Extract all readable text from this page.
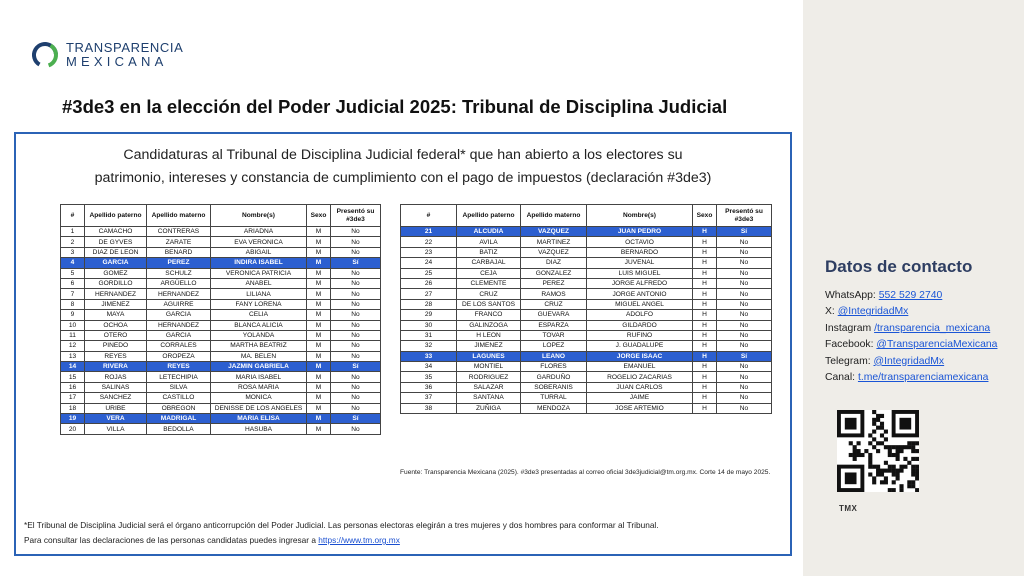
TRANSPARENCIA
MEXICANA
#3de3 en la elección del Poder Judicial 2025: Tribunal de Disciplina Judicial
Candidaturas al Tribunal de Disciplina Judicial federal* que han abierto a los electores su
patrimonio, intereses y constancia de cumplimiento con el pago de impuestos (declaración #3de3)
#	Apellido paterno	Apellido materno	Nombre(s)	Sexo	Presentó su #3de3
1	CAMACHO	CONTRERAS	ARIADNA	M	No
2	DE GYVES	ZARATE	EVA VERONICA	M	No
3	DIAZ DE LEON	BENARD	ABIGAIL	M	No
4	GARCIA	PEREZ	INDIRA ISABEL	M	Sí
5	GOMEZ	SCHULZ	VERONICA PATRICIA	M	No
6	GORDILLO	ARGÜELLO	ANABEL	M	No
7	HERNANDEZ	HERNANDEZ	LILIANA	M	No
8	JIMENEZ	AGUIRRE	FANY LORENA	M	No
9	MAYA	GARCIA	CELIA	M	No
10	OCHOA	HERNANDEZ	BLANCA ALICIA	M	No
11	OTERO	GARCIA	YOLANDA	M	No
12	PINEDO	CORRALES	MARTHA BEATRIZ	M	No
13	REYES	OROPEZA	MA. BELEN	M	No
14	RIVERA	REYES	JAZMIN GABRIELA	M	Sí
15	ROJAS	LETECHIPIA	MARIA ISABEL	M	No
16	SALINAS	SILVA	ROSA MARIA	M	No
17	SANCHEZ	CASTILLO	MONICA	M	No
18	URIBE	OBREGON	DENISSE DE LOS ANGELES	M	No
19	VERA	MADRIGAL	MARIA ELISA	M	Sí
20	VILLA	BEDOLLA	HASUBA	M	No
#	Apellido paterno	Apellido materno	Nombre(s)	Sexo	Presentó su #3de3
21	ALCUDIA	VAZQUEZ	JUAN PEDRO	H	Sí
22	AVILA	MARTINEZ	OCTAVIO	H	No
23	BATIZ	VAZQUEZ	BERNARDO	H	No
24	CARBAJAL	DIAZ	JUVENAL	H	No
25	CEJA	GONZALEZ	LUIS MIGUEL	H	No
26	CLEMENTE	PEREZ	JORGE ALFREDO	H	No
27	CRUZ	RAMOS	JORGE ANTONIO	H	No
28	DE LOS SANTOS	CRUZ	MIGUEL ANGEL	H	No
29	FRANCO	GUEVARA	ADOLFO	H	No
30	GALINZOGA	ESPARZA	GILDARDO	H	No
31	H LEON	TOVAR	RUFINO	H	No
32	JIMENEZ	LOPEZ	J. GUADALUPE	H	No
33	LAGUNES	LEANO	JORGE ISAAC	H	Sí
34	MONTIEL	FLORES	EMANUEL	H	No
35	RODRIGUEZ	GARDUÑO	ROGELIO ZACARIAS	H	No
36	SALAZAR	SOBERANIS	JUAN CARLOS	H	No
37	SANTANA	TURRAL	JAIME	H	No
38	ZUÑIGA	MENDOZA	JOSE ARTEMIO	H	No
Fuente: Transparencia Mexicana (2025). #3de3 presentadas al correo oficial 3de3judicial@tm.org.mx. Corte 14 de mayo 2025.
*El Tribunal de Disciplina Judicial será el órgano anticorrupción del Poder Judicial. Las personas electoras elegirán a tres mujeres y dos hombres para conformar al Tribunal.
Para consultar las declaraciones de las personas candidatas puedes ingresar a https://www.tm.org.mx
Datos de contacto
WhatsApp: 552 529 2740
X: @IntegridadMx
Instagram /transparencia_mexicana
Facebook: @TransparenciaMexicana
Telegram: @IntegridadMx
Canal: t.me/transparenciamexicana
TMX
